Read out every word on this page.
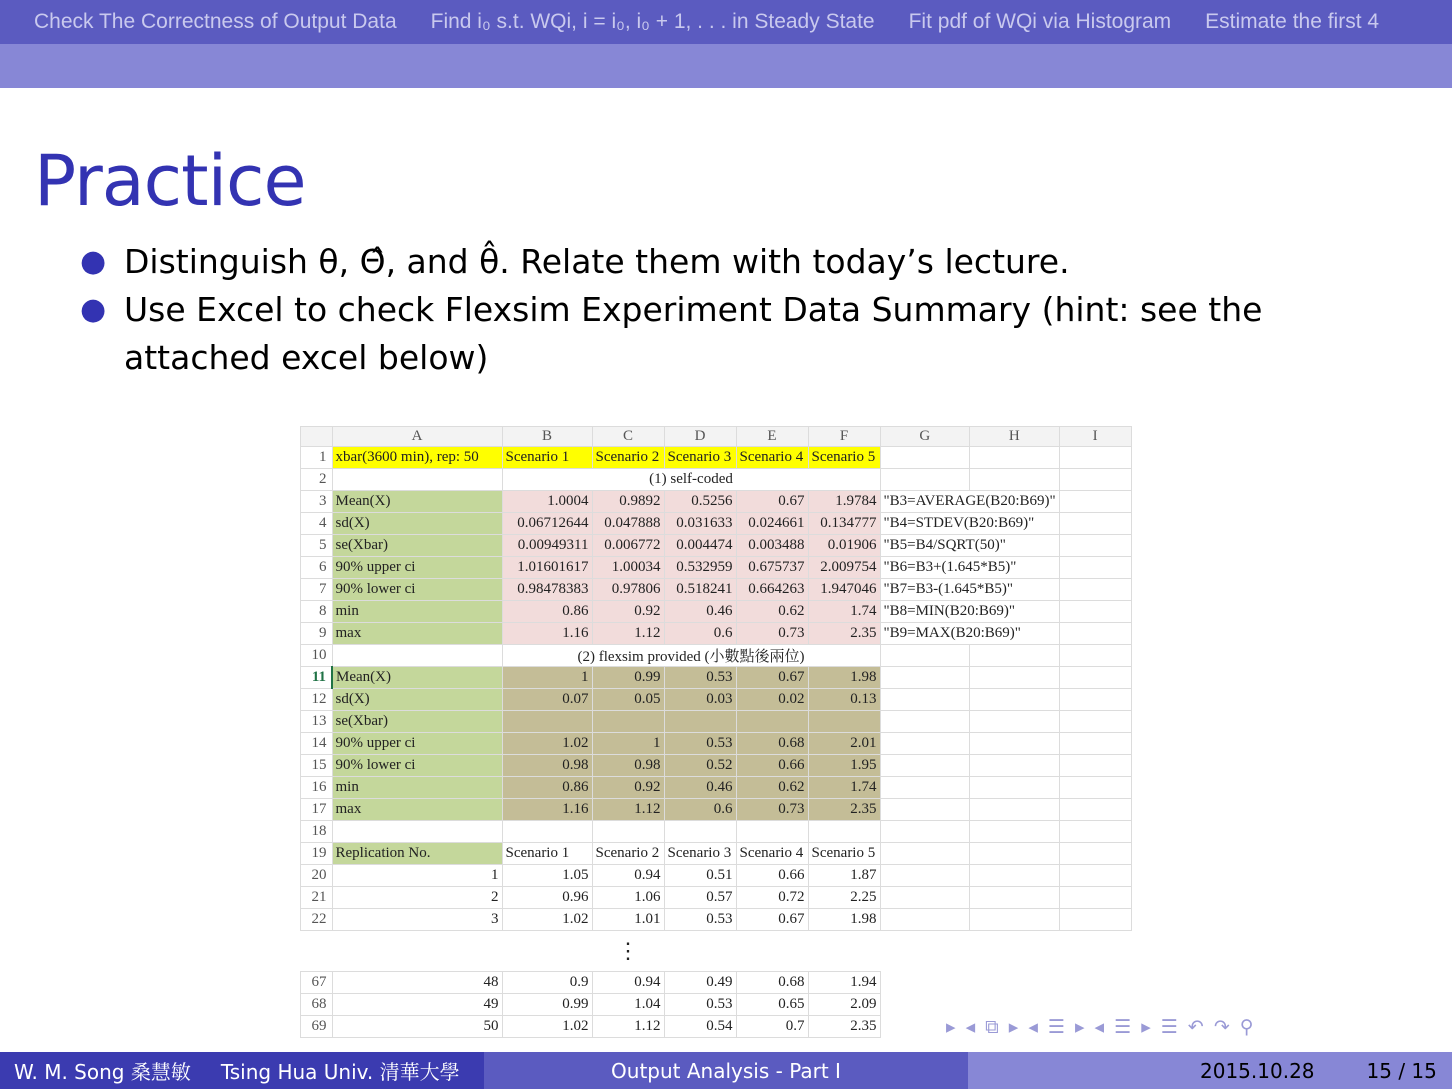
Check The Correctness of Output Data Find i₀ s.t. WQi, i = i₀, i₀ + 1, . . . in Steady State Fit pdf of WQi via Histogram Estimate the first 4
Practice
● Distinguish θ, Θ̂, and θ̂. Relate them with today’s lecture.
● Use Excel to check Flexsim Experiment Data Summary (hint: see the attached excel below)
	A	B	C	D	E	F	G	H	I
1	xbar(3600 min), rep: 50	Scenario 1	Scenario 2	Scenario 3	Scenario 4	Scenario 5			
2		(1) self-coded							
3	Mean(X)	1.0004	0.9892	0.5256	0.67	1.9784	"B3=AVERAGE(B20:B69)"		
4	sd(X)	0.06712644	0.047888	0.031633	0.024661	0.134777	"B4=STDEV(B20:B69)"		
5	se(Xbar)	0.00949311	0.006772	0.004474	0.003488	0.01906	"B5=B4/SQRT(50)"		
6	90% upper ci	1.01601617	1.00034	0.532959	0.675737	2.009754	"B6=B3+(1.645*B5)"		
7	90% lower ci	0.98478383	0.97806	0.518241	0.664263	1.947046	"B7=B3-(1.645*B5)"		
8	min	0.86	0.92	0.46	0.62	1.74	"B8=MIN(B20:B69)"		
9	max	1.16	1.12	0.6	0.73	2.35	"B9=MAX(B20:B69)"		
10		(2) flexsim provided (小數點後兩位)							
11	Mean(X)	1	0.99	0.53	0.67	1.98			
12	sd(X)	0.07	0.05	0.03	0.02	0.13			
13	se(Xbar)								
14	90% upper ci	1.02	1	0.53	0.68	2.01			
15	90% lower ci	0.98	0.98	0.52	0.66	1.95			
16	min	0.86	0.92	0.46	0.62	1.74			
17	max	1.16	1.12	0.6	0.73	2.35			
18									
19	Replication No.	Scenario 1	Scenario 2	Scenario 3	Scenario 4	Scenario 5			
20	1	1.05	0.94	0.51	0.66	1.87			
21	2	0.96	1.06	0.57	0.72	2.25			
22	3	1.02	1.01	0.53	0.67	1.98			
			⋮						
67	48	0.9	0.94	0.49	0.68	1.94			
68	49	0.99	1.04	0.53	0.65	2.09			
69	50	1.02	1.12	0.54	0.7	2.35				▸ ◂ ⧉ ▸ ◂ ☰ ▸ ◂ ☰ ▸ ☰ ↶ ↷ ⚲
W. M. Song 桑慧敏 Tsing Hua Univ. 清華大學	Output Analysis - Part I	2015.10.28	15 / 15
